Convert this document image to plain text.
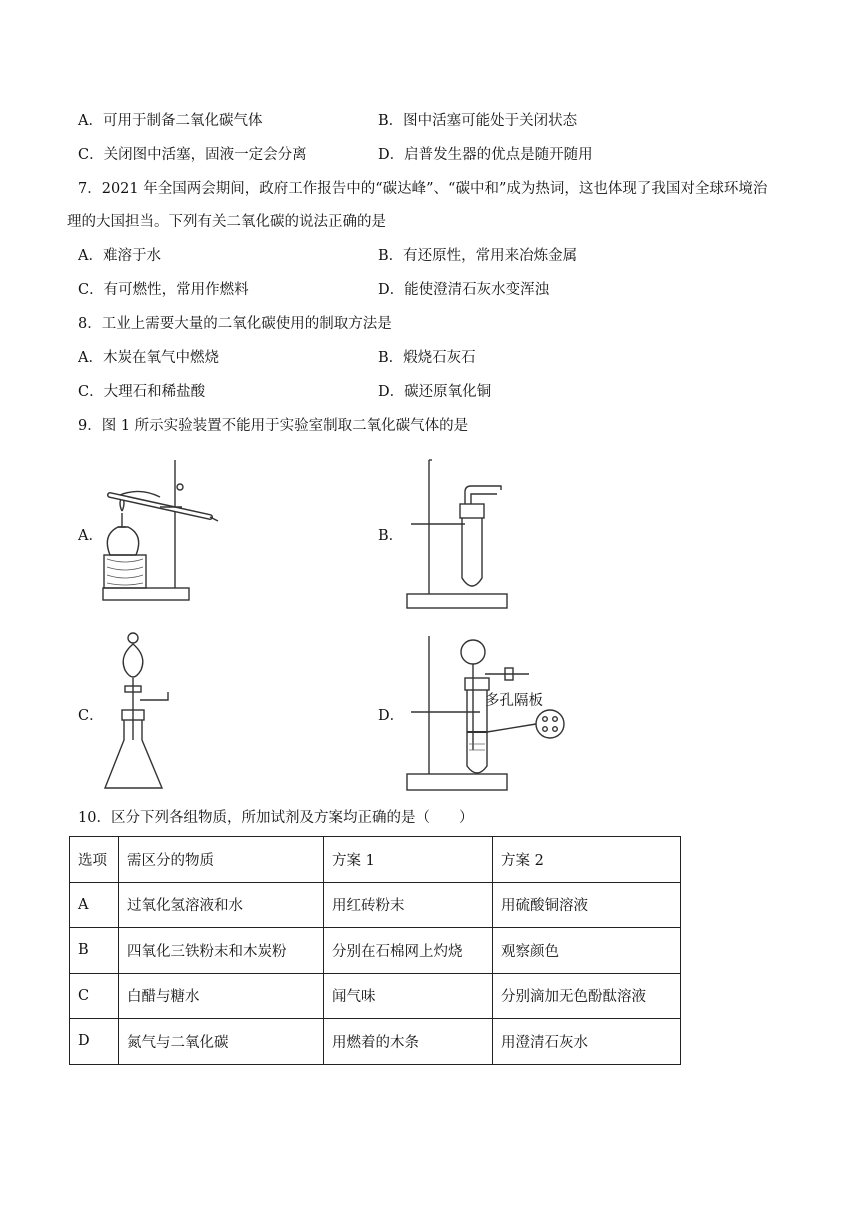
A．可用于制备二氧化碳气体	B．图中活塞可能处于关闭状态
C．关闭图中活塞，固液一定会分离	D．启普发生器的优点是随开随用
7．2021 年全国两会期间，政府工作报告中的“碳达峰”、“碳中和”成为热词，这也体现了我国对全球环境治
理的大国担当。下列有关二氧化碳的说法正确的是
A．难溶于水	B．有还原性，常用来冶炼金属
C．有可燃性，常用作燃料	D．能使澄清石灰水变浑浊
8．工业上需要大量的二氧化碳使用的制取方法是
A．木炭在氧气中燃烧	B．煅烧石灰石
C．大理石和稀盐酸	D．碳还原氧化铜
9．图 1 所示实验装置不能用于实验室制取二氧化碳气体的是
A．	B．
C．	D．
多孔隔板
10．区分下列各组物质，所加试剂及方案均正确的是（　　）
选项	需区分的物质	方案 1	方案 2
A	过氧化氢溶液和水	用红砖粉末	用硫酸铜溶液
B	四氧化三铁粉末和木炭粉	分别在石棉网上灼烧	观察颜色
C	白醋与糖水	闻气味	分别滴加无色酚酞溶液
D	氮气与二氧化碳	用燃着的木条	用澄清石灰水
